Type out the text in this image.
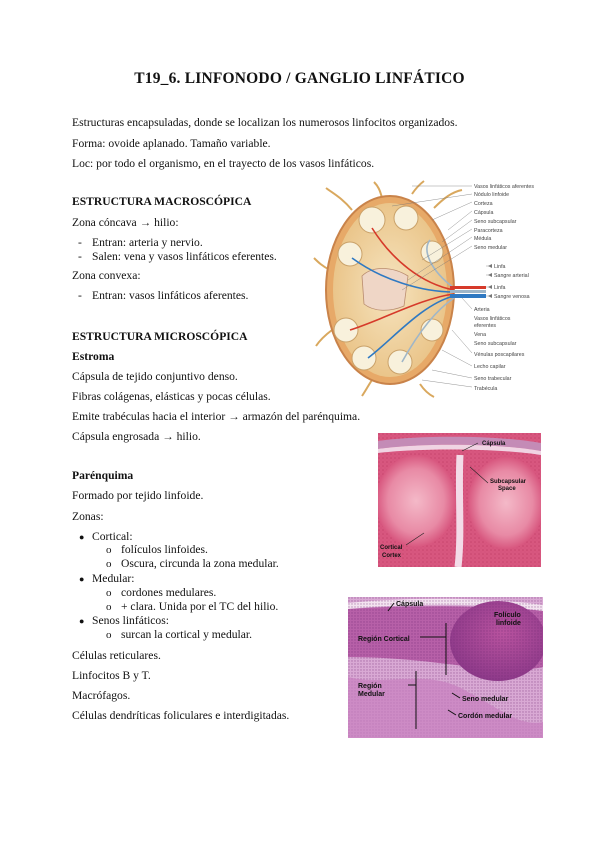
T19_6. LINFONODO / GANGLIO LINFÁTICO
Estructuras encapsuladas, donde se localizan los numerosos linfocitos organizados.
Forma: ovoide aplanado. Tamaño variable.
Loc: por todo el organismo, en el trayecto de los vasos linfáticos.
ESTRUCTURA MACROSCÓPICA
Zona cóncava → hilio:
- Entran: arteria y nervio.
- Salen: vena y vasos linfáticos eferentes.
Zona convexa:
- Entran: vasos linfáticos aferentes.
ESTRUCTURA MICROSCÓPICA
Estroma
Cápsula de tejido conjuntivo denso.
Fibras colágenas, elásticas y pocas células.
Emite trabéculas hacia el interior → armazón del parénquima.
Cápsula engrosada → hilio.
Parénquima
Formado por tejido linfoide.
Zonas:
● Cortical:
o folículos linfoides.
o Oscura, circunda la zona medular.
● Medular:
o cordones medulares.
o + clara. Unida por el TC del hilio.
● Senos linfáticos:
o surcan la cortical y medular.
Células reticulares.
Linfocitos B y T.
Macrófagos.
Células dendríticas foliculares e interdigitadas.
Vasos linfáticos aferentes
Nódulo linfoide
Corteza
Cápsula
Seno subcapsular
Paracorteza
Médula
Seno medular
Linfa
Sangre arterial
Linfa
Sangre venosa
Arteria
Vasos linfáticos
eferentes
Vena
Seno subcapsular
Vénulas poscapilares
Lecho capilar
Seno trabecular
Trabécula
Cápsula
Subcapsular
Space
Cortical
Cortex
Cápsula
Folículo
linfoide
Región Cortical
Región
Medular
Seno medular
Cordón medular
